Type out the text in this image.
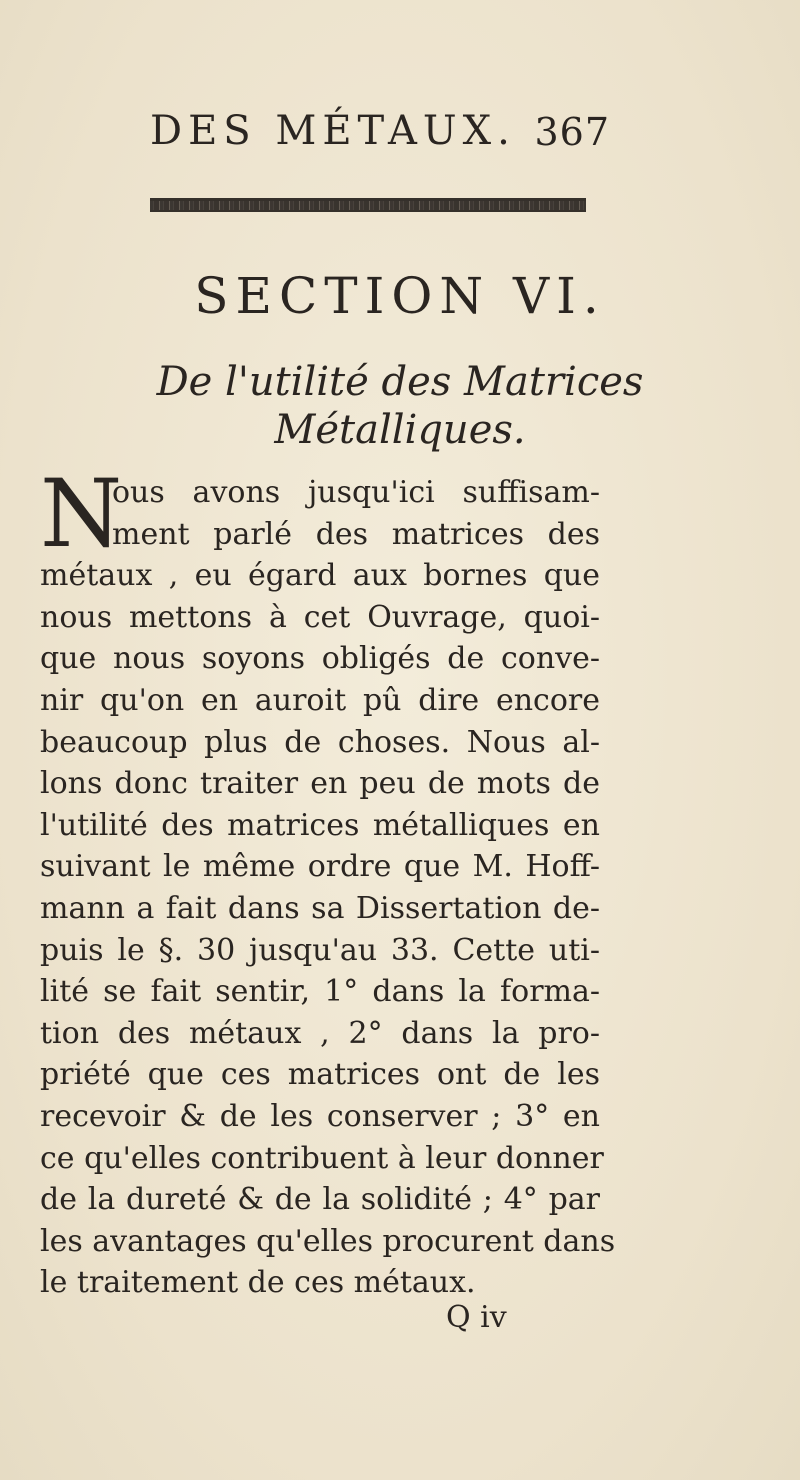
DES MÉTAUX. 367
SECTION VI.
De l'utilité des Matrices
Métalliques.
N
ous avons jusqu'ici suffisam-
ment parlé des matrices des
métaux , eu égard aux bornes que
nous mettons à cet Ouvrage, quoi-
que nous soyons obligés de conve-
nir qu'on en auroit pû dire encore
beaucoup plus de choses. Nous al-
lons donc traiter en peu de mots de
l'utilité des matrices métalliques en
suivant le même ordre que M. Hoff-
mann a fait dans sa Dissertation de-
puis le §. 30 jusqu'au 33. Cette uti-
lité se fait sentir, 1° dans la forma-
tion des métaux , 2° dans la pro-
priété que ces matrices ont de les
recevoir & de les conserver ; 3° en
ce qu'elles contribuent à leur donner
de la dureté & de la solidité ; 4° par
les avantages qu'elles procurent dans
le traitement de ces métaux.
Q iv
